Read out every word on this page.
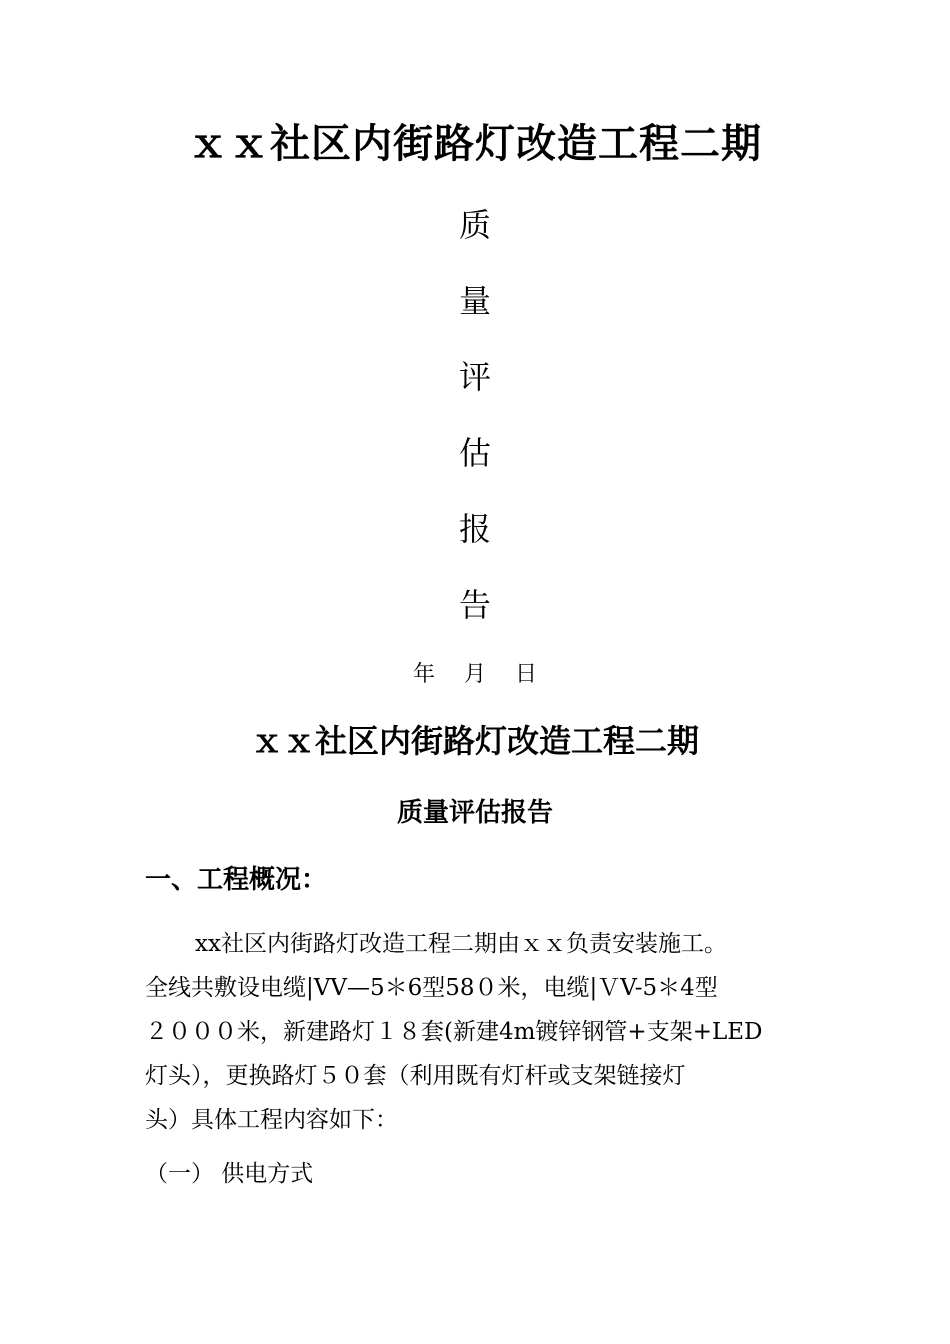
ｘｘ社区内街路灯改造工程二期
质
量
评
估
报
告
年 月 日
ｘｘ社区内街路灯改造工程二期
质量评估报告
一、工程概况：
xx社区内街路灯改造工程二期由ｘｘ负责安装施工。
全线共敷设电缆|VV—5＊6型58０米，电缆|ＶV-5＊4型
２０００米，新建路灯１８套(新建4m镀锌钢管+支架+LED
灯头），更换路灯５０套（利用既有灯杆或支架链接灯
头）具体工程内容如下：
（一） 供电方式
